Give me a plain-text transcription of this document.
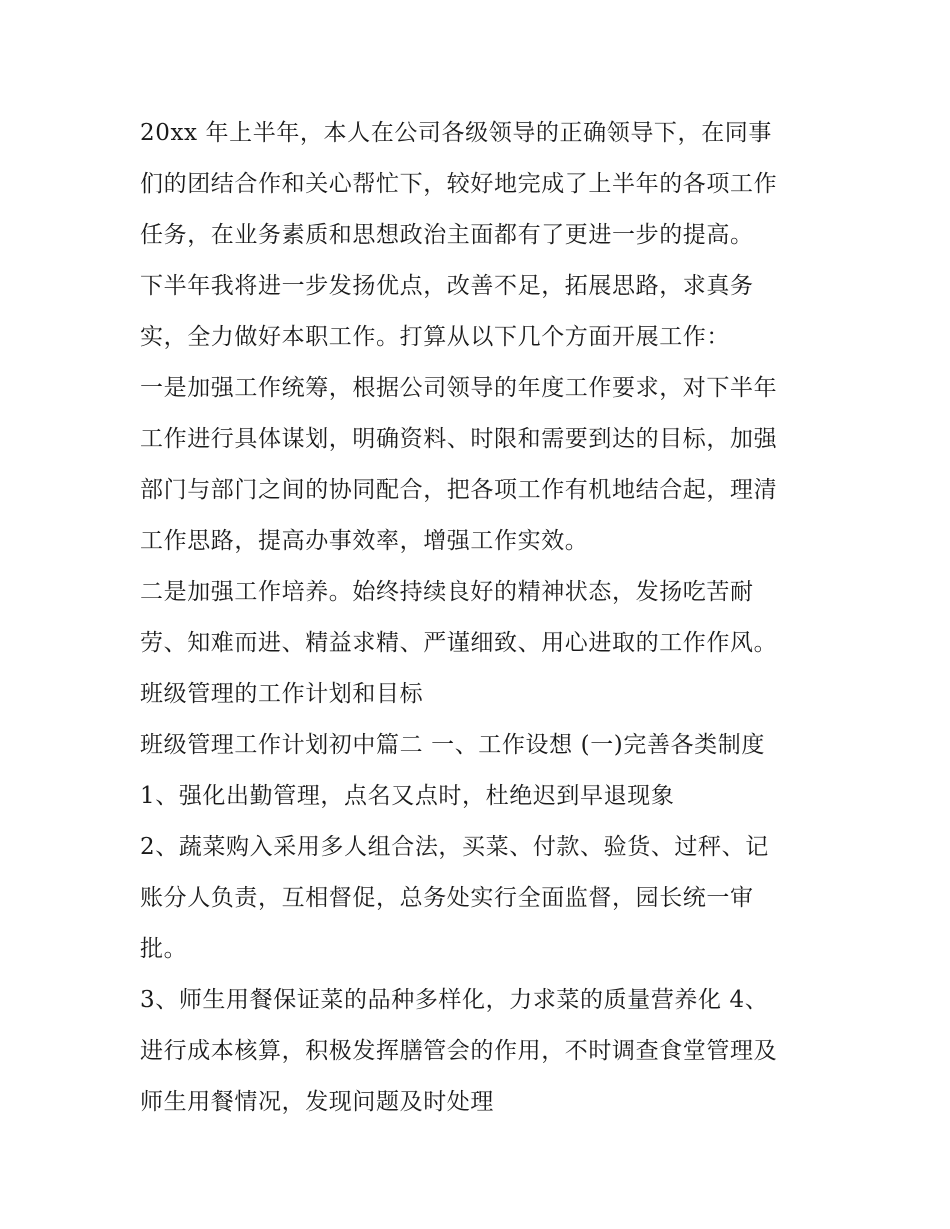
20xx 年上半年，本人在公司各级领导的正确领导下，在同事
们的团结合作和关心帮忙下，较好地完成了上半年的各项工作
任务，在业务素质和思想政治主面都有了更进一步的提高。
下半年我将进一步发扬优点，改善不足，拓展思路，求真务
实，全力做好本职工作。打算从以下几个方面开展工作：
一是加强工作统筹，根据公司领导的年度工作要求，对下半年
工作进行具体谋划，明确资料、时限和需要到达的目标，加强
部门与部门之间的协同配合，把各项工作有机地结合起，理清
工作思路，提高办事效率，增强工作实效。
二是加强工作培养。始终持续良好的精神状态，发扬吃苦耐
劳、知难而进、精益求精、严谨细致、用心进取的工作作风。
班级管理的工作计划和目标
班级管理工作计划初中篇二 一、工作设想 (一)完善各类制度
1、强化出勤管理，点名又点时，杜绝迟到早退现象
2、蔬菜购入采用多人组合法，买菜、付款、验货、过秤、记
账分人负责，互相督促，总务处实行全面监督，园长统一审
批。
3、师生用餐保证菜的品种多样化，力求菜的质量营养化 4、
进行成本核算，积极发挥膳管会的作用，不时调查食堂管理及
师生用餐情况，发现问题及时处理
